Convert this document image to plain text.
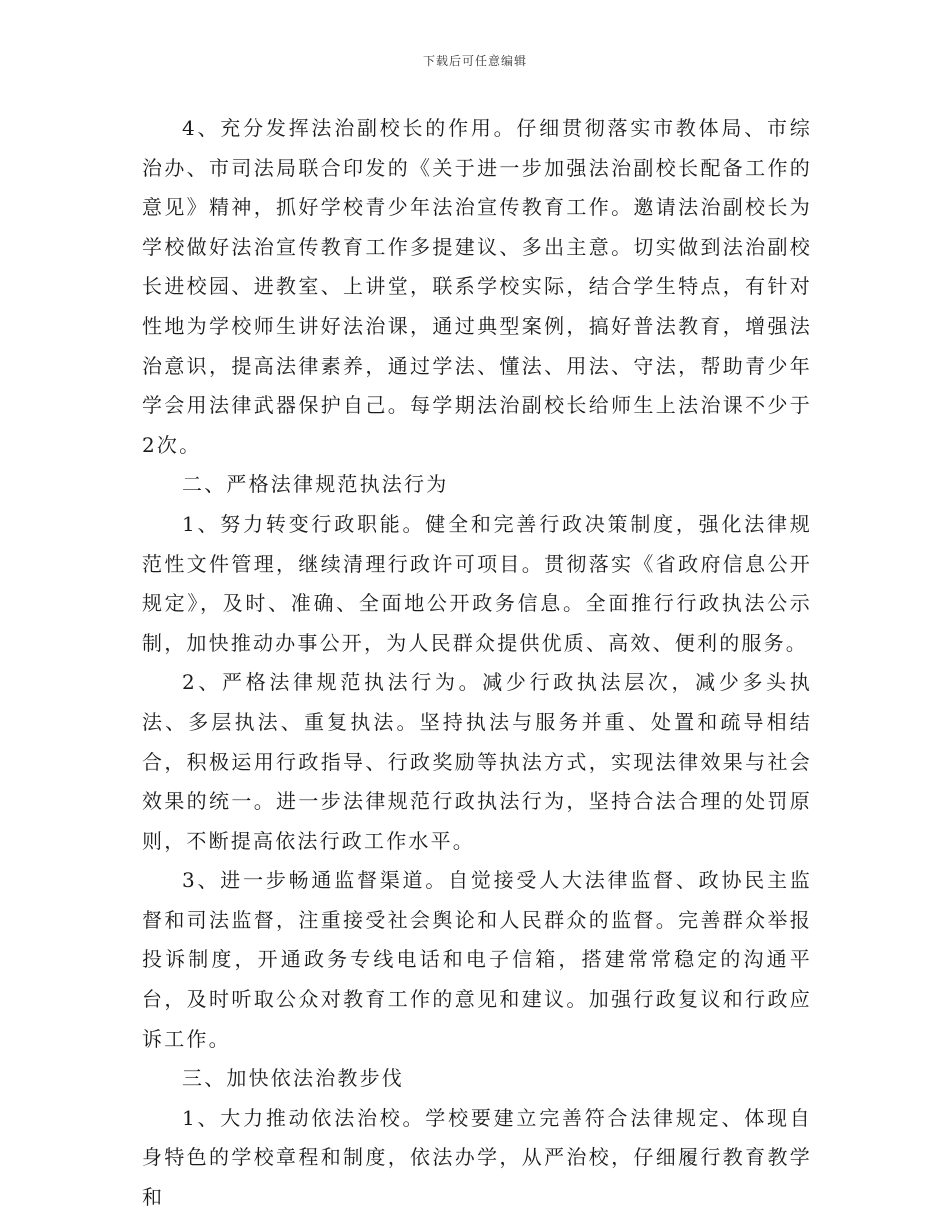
下载后可任意编辑

4、充分发挥法治副校长的作用。仔细贯彻落实市教体局、市综治办、市司法局联合印发的《关于进一步加强法治副校长配备工作的意见》精神，抓好学校青少年法治宣传教育工作。邀请法治副校长为学校做好法治宣传教育工作多提建议、多出主意。切实做到法治副校长进校园、进教室、上讲堂，联系学校实际，结合学生特点，有针对性地为学校师生讲好法治课，通过典型案例，搞好普法教育，增强法治意识，提高法律素养，通过学法、懂法、用法、守法，帮助青少年学会用法律武器保护自己。每学期法治副校长给师生上法治课不少于2次。

二、严格法律规范执法行为

1、努力转变行政职能。健全和完善行政决策制度，强化法律规范性文件管理，继续清理行政许可项目。贯彻落实《省政府信息公开规定》，及时、准确、全面地公开政务信息。全面推行行政执法公示制，加快推动办事公开，为人民群众提供优质、高效、便利的服务。

2、严格法律规范执法行为。减少行政执法层次，减少多头执法、多层执法、重复执法。坚持执法与服务并重、处置和疏导相结合，积极运用行政指导、行政奖励等执法方式，实现法律效果与社会效果的统一。进一步法律规范行政执法行为，坚持合法合理的处罚原则，不断提高依法行政工作水平。

3、进一步畅通监督渠道。自觉接受人大法律监督、政协民主监督和司法监督，注重接受社会舆论和人民群众的监督。完善群众举报投诉制度，开通政务专线电话和电子信箱，搭建常常稳定的沟通平台，及时听取公众对教育工作的意见和建议。加强行政复议和行政应诉工作。

三、加快依法治教步伐

1、大力推动依法治校。学校要建立完善符合法律规定、体现自身特色的学校章程和制度，依法办学，从严治校，仔细履行教育教学和
